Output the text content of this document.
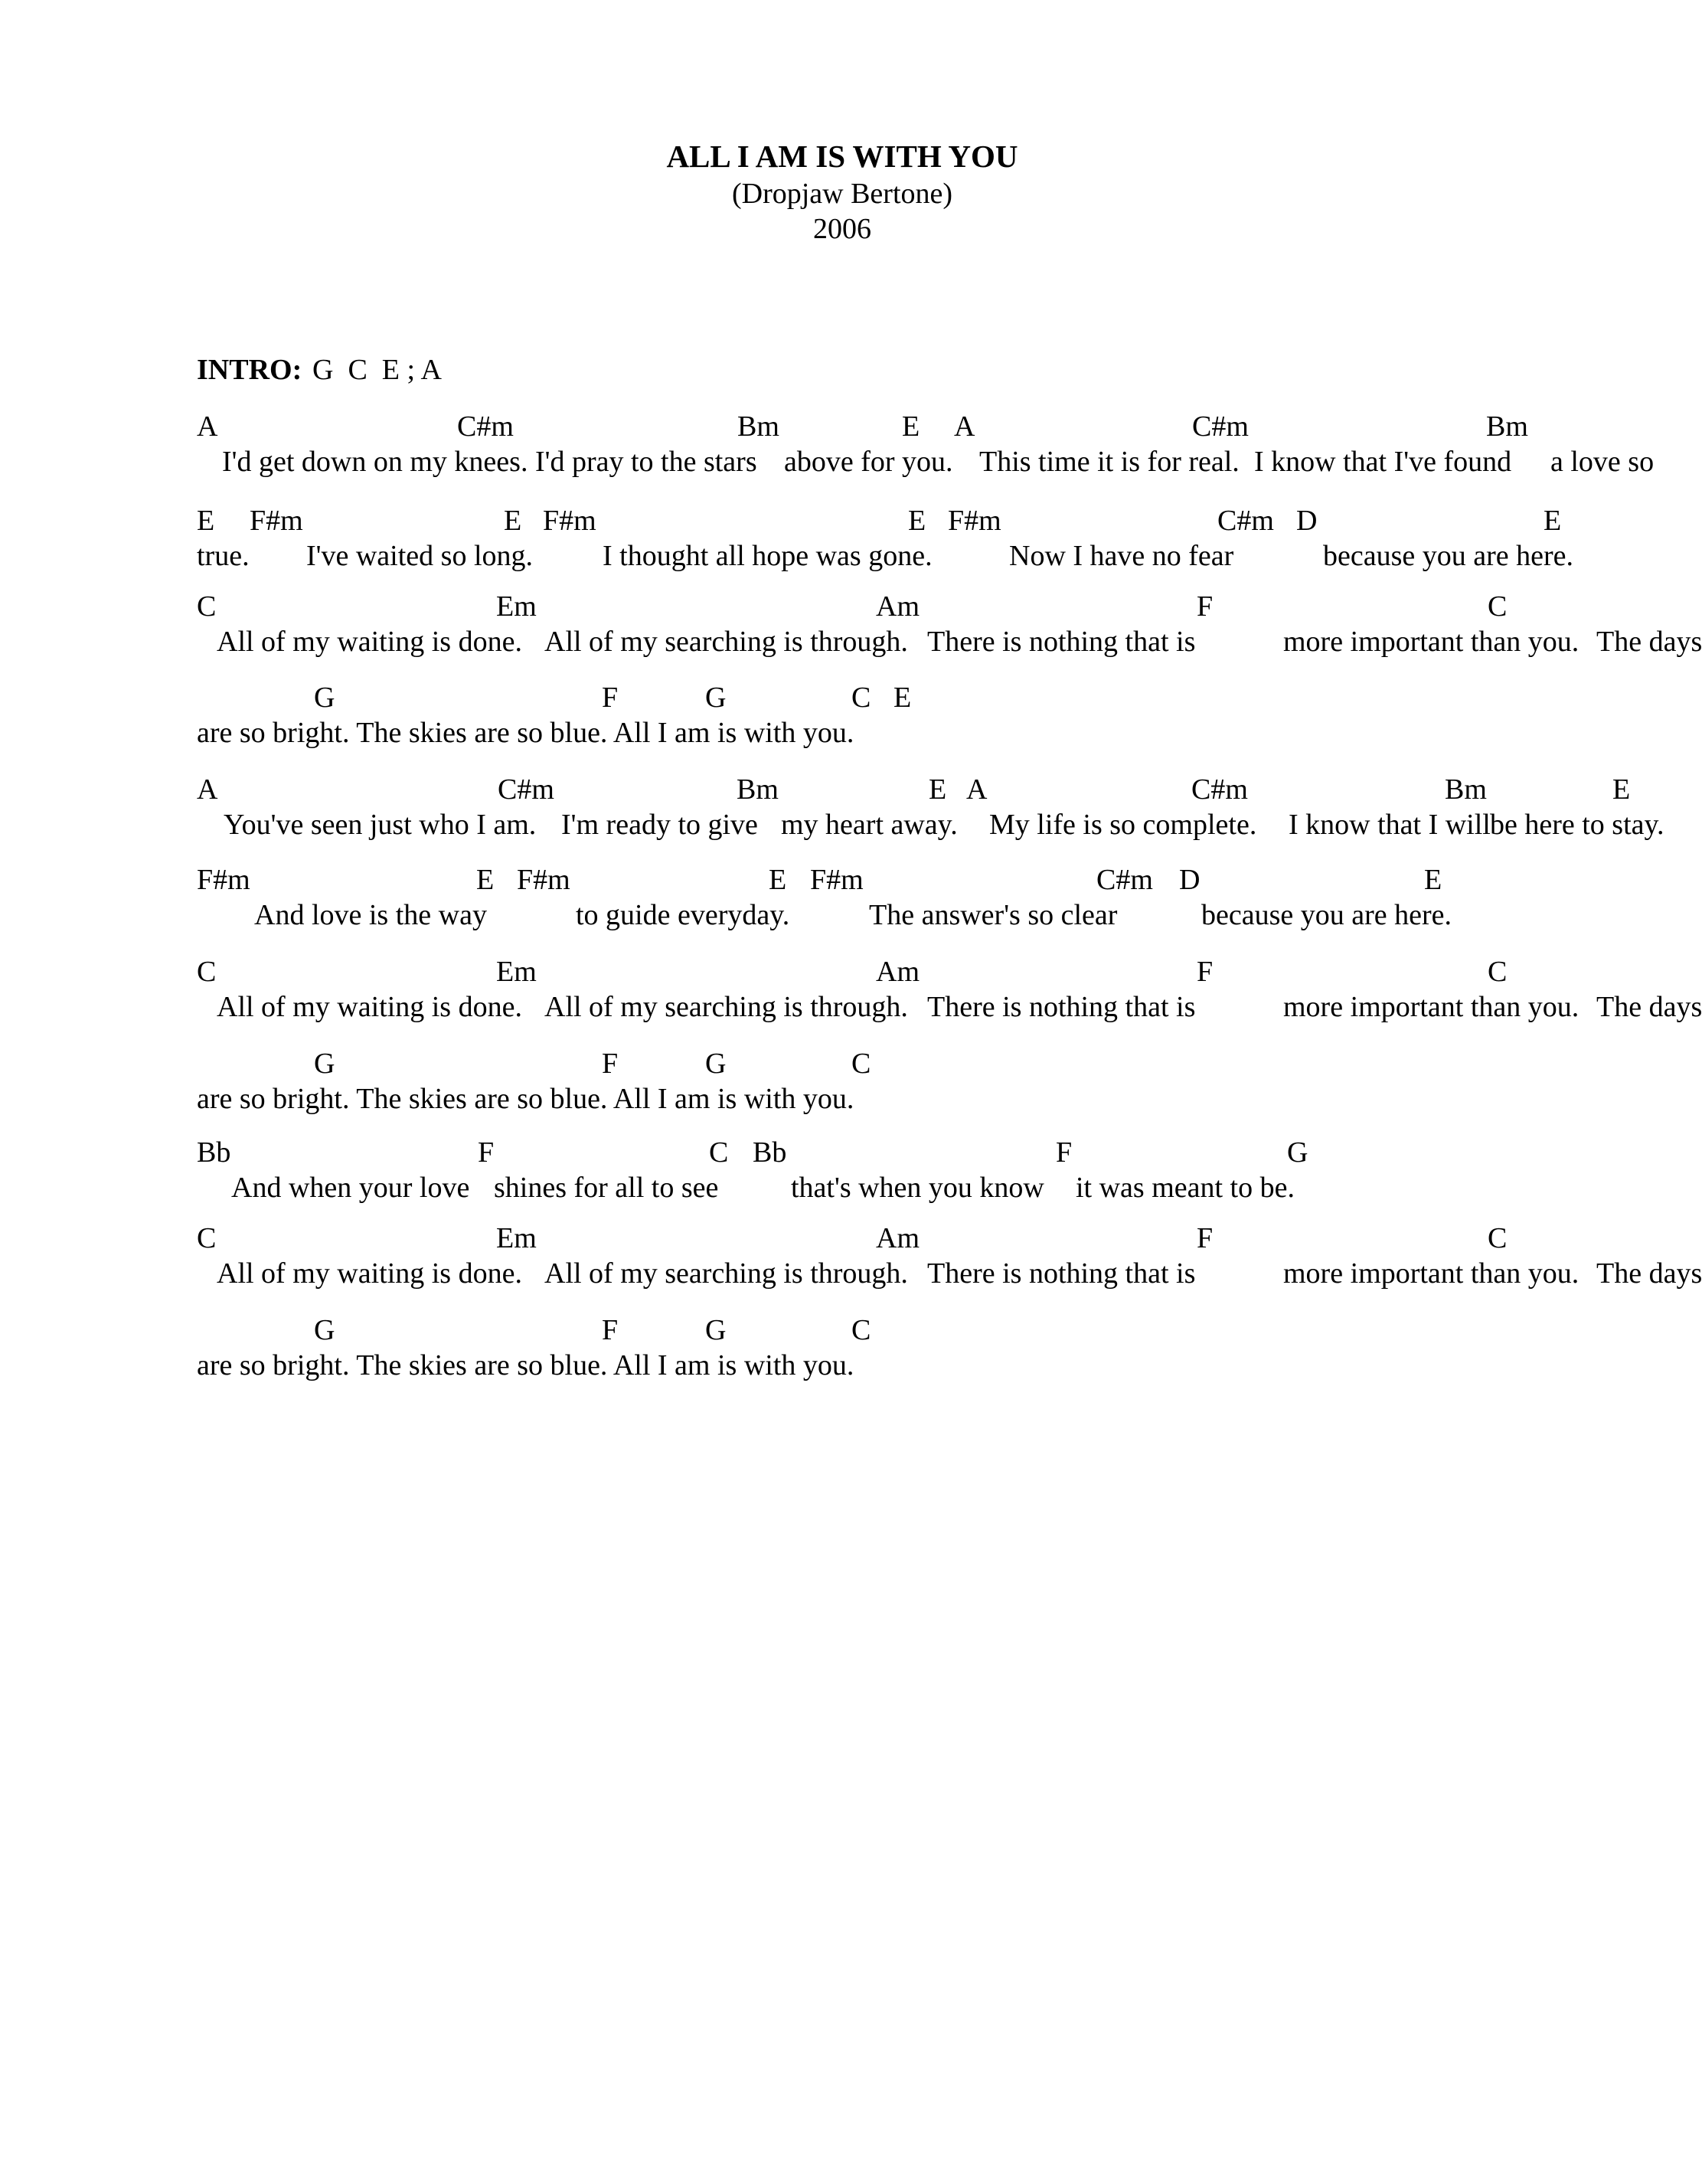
ALL I AM IS WITH YOU
(Dropjaw Bertone)
2006
INTRO: G  C  E ; A
A	C#m	Bm	E A	C#m	Bm
I'd get down on my knees. I'd pray to the stars above for you. This time it is for real. I know that I've found a love so
E F#m	E F#m	E F#m	C#m D	E
true. I've waited so long. I thought all hope was gone.	Now I have no fear	because you are here.
C	Em	Am	F	C
All of my waiting is done. All of my searching is through. There is nothing that is	more important than you. The days
G	F	G	C E
are so bright. The skies are so blue. All I am is with you.
A	C#m	Bm	E A	C#m	Bm	E
You've seen just who I am. I'm ready to give my heart away. My life is so complete. I know that I will be here to stay.
F#m	E F#m	E F#m	C#m D	E
And love is the way	to guide everyday.	The answer's so clear	because you are here.
C	Em	Am	F	C
All of my waiting is done. All of my searching is through. There is nothing that is	more important than you. The days
G	F	G	C
are so bright. The skies are so blue. All I am is with you.
Bb	F	C Bb	F	G
And when your love shines for all to see that's when you know it was meant to be.
C	Em	Am	F	C
All of my waiting is done. All of my searching is through. There is nothing that is	more important than you. The days
G	F	G	C
are so bright. The skies are so blue. All I am is with you.
